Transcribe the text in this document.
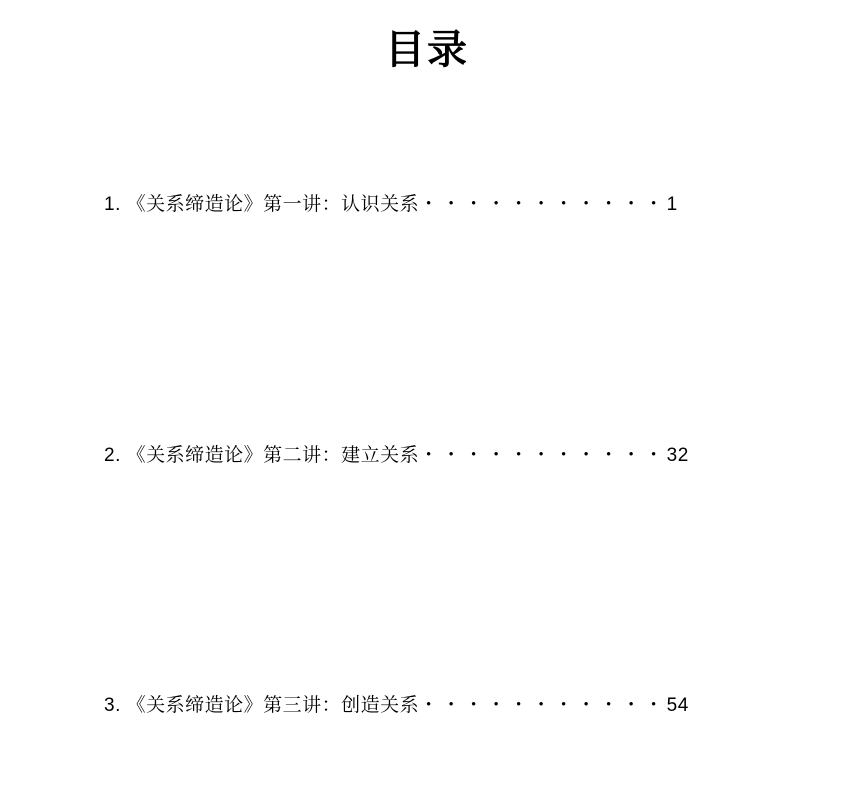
目录
1. 《关系缔造论》第一讲：认识关系・・・・・・・・・・・1
2. 《关系缔造论》第二讲：建立关系・・・・・・・・・・・32
3. 《关系缔造论》第三讲：创造关系・・・・・・・・・・・54
